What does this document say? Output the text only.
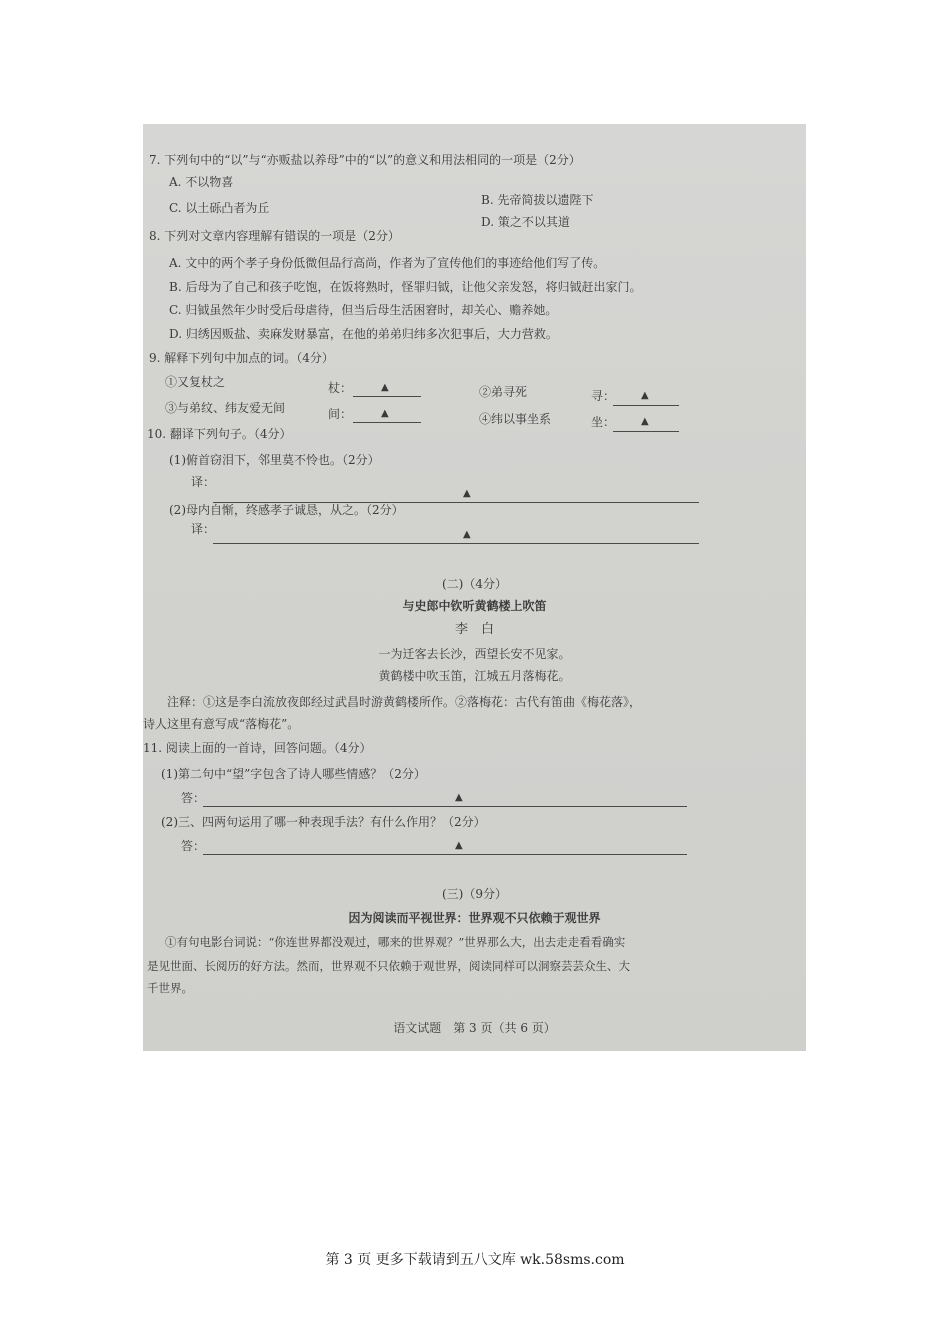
7. 下列句中的“以”与“亦贩盐以养母”中的“以”的意义和用法相同的一项是（2分）
A. 不以物喜
B. 先帝简拔以遗陛下
C. 以土砾凸者为丘
D. 策之不以其道
8. 下列对文章内容理解有错误的一项是（2分）
A. 文中的两个孝子身份低微但品行高尚，作者为了宣传他们的事迹给他们写了传。
B. 后母为了自己和孩子吃饱，在饭将熟时，怪罪归钺，让他父亲发怒，将归钺赶出家门。
C. 归钺虽然年少时受后母虐待，但当后母生活困窘时，却关心、赡养她。
D. 归绣因贩盐、卖麻发财暴富，在他的弟弟归纬多次犯事后，大力营救。
9. 解释下列句中加点的词。（4分）
①又复杖之	杖：	▲	②弟寻死	寻：	▲
③与弟纹、纬友爱无间	间：	▲	④纬以事坐系	坐：	▲
10. 翻译下列句子。（4分）
(1)俯首窃泪下，邻里莫不怜也。（2分）
译：
▲
(2)母内自惭，终感孝子诚恳，从之。（2分）
译：	▲
(二)（4分）
与史郎中钦听黄鹤楼上吹笛
李　白
一为迁客去长沙，西望长安不见家。
黄鹤楼中吹玉笛，江城五月落梅花。
注释：①这是李白流放夜郎经过武昌时游黄鹤楼所作。②落梅花：古代有笛曲《梅花落》，
诗人这里有意写成“落梅花”。
11. 阅读上面的一首诗，回答问题。（4分）
(1)第二句中“望”字包含了诗人哪些情感？（2分）
答：	▲
(2)三、四两句运用了哪一种表现手法？有什么作用？（2分）
答：	▲
(三)（9分）
因为阅读而平视世界：世界观不只依赖于观世界
①有句电影台词说：“你连世界都没观过，哪来的世界观？”世界那么大，出去走走看看确实
是见世面、长阅历的好方法。然而，世界观不只依赖于观世界，阅读同样可以洞察芸芸众生、大
千世界。
语文试题　第 3 页（共 6 页）
第 3 页 更多下载请到五八文库 wk.58sms.com
